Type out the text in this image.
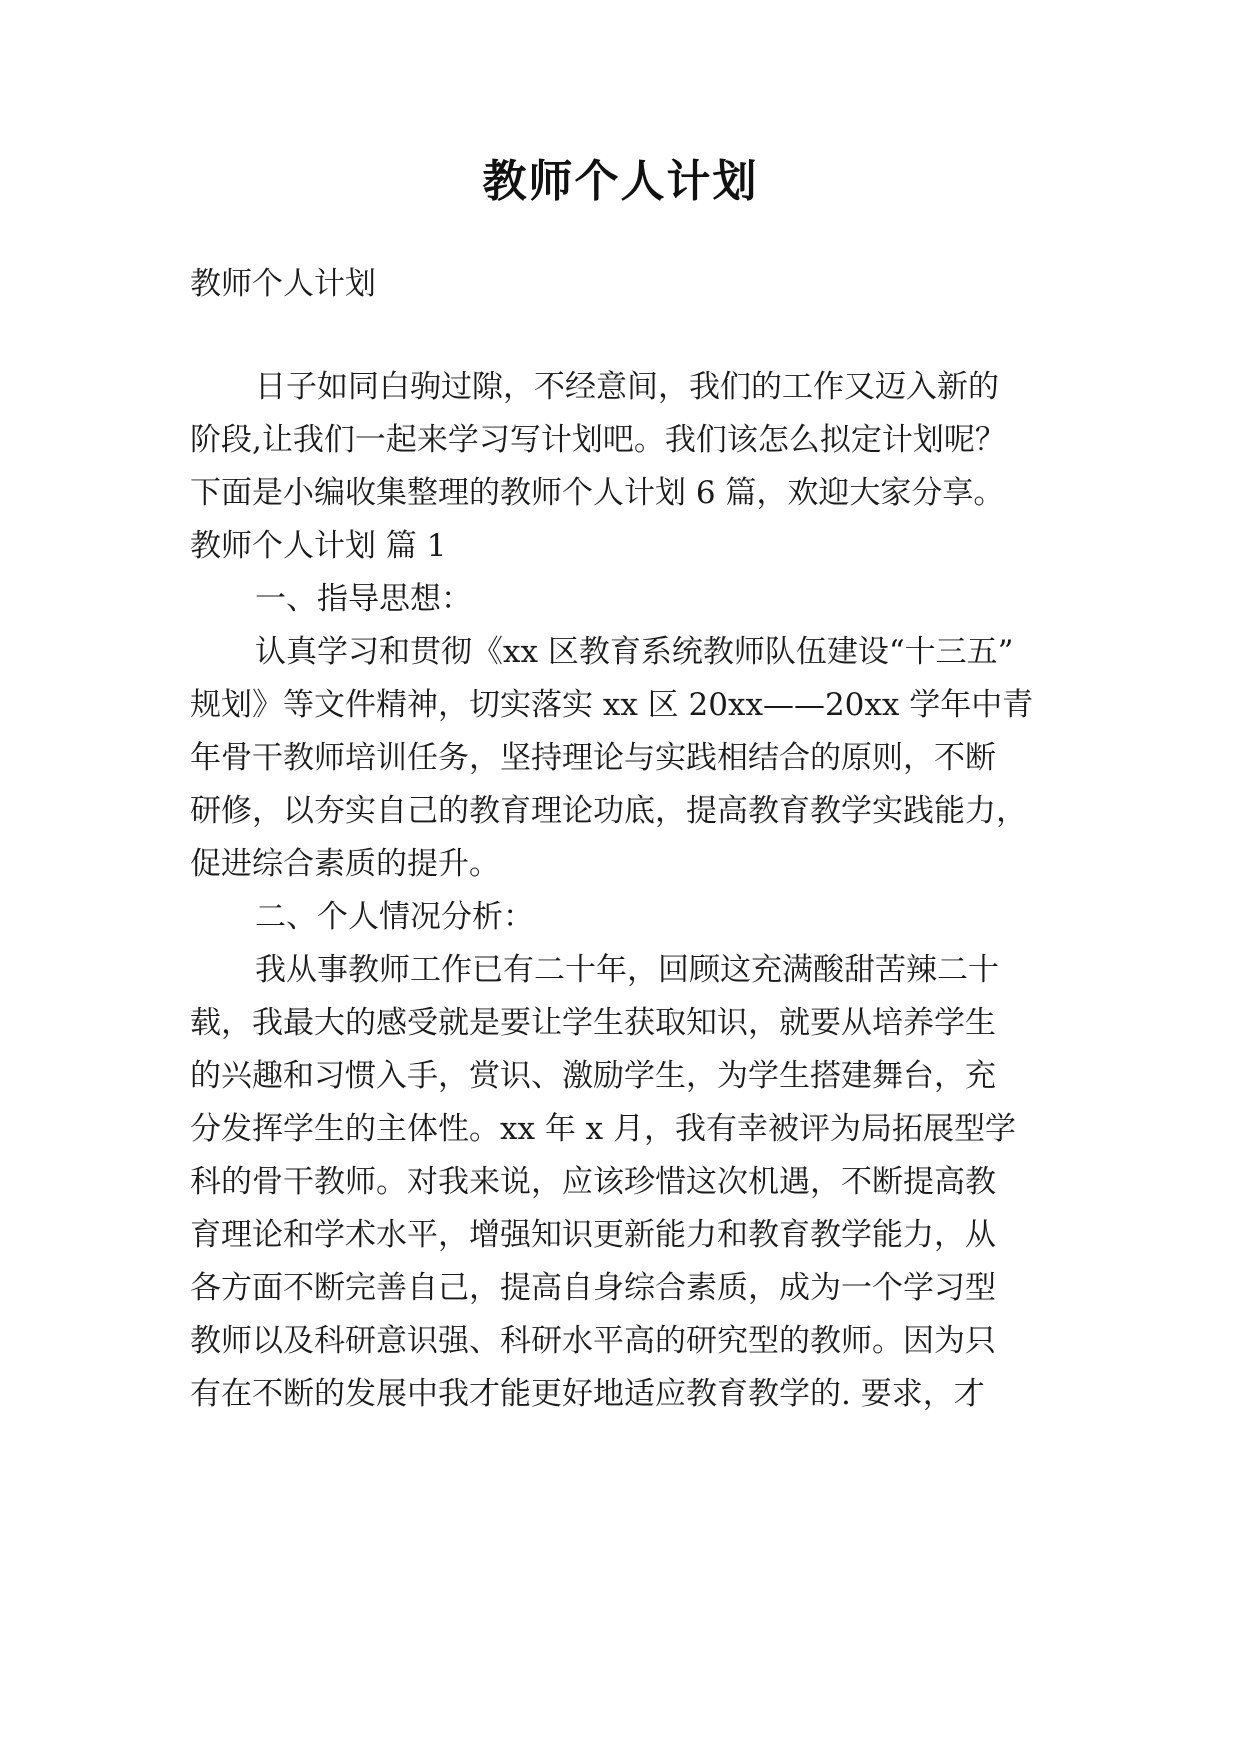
教师个人计划
教师个人计划
日子如同白驹过隙，不经意间，我们的工作又迈入新的
阶段,让我们一起来学习写计划吧。我们该怎么拟定计划呢？
下面是小编收集整理的教师个人计划 6 篇，欢迎大家分享。
教师个人计划 篇 1
一、指导思想：
认真学习和贯彻《xx 区教育系统教师队伍建设“十三五”
规划》等文件精神，切实落实 xx 区 20xx——20xx 学年中青
年骨干教师培训任务，坚持理论与实践相结合的原则，不断
研修，以夯实自己的教育理论功底，提高教育教学实践能力，
促进综合素质的提升。
二、个人情况分析：
我从事教师工作已有二十年，回顾这充满酸甜苦辣二十
载，我最大的感受就是要让学生获取知识，就要从培养学生
的兴趣和习惯入手，赏识、激励学生，为学生搭建舞台，充
分发挥学生的主体性。xx 年 x 月，我有幸被评为局拓展型学
科的骨干教师。对我来说，应该珍惜这次机遇，不断提高教
育理论和学术水平，增强知识更新能力和教育教学能力，从
各方面不断完善自己，提高自身综合素质，成为一个学习型
教师以及科研意识强、科研水平高的研究型的教师。因为只
有在不断的发展中我才能更好地适应教育教学的. 要求，才
